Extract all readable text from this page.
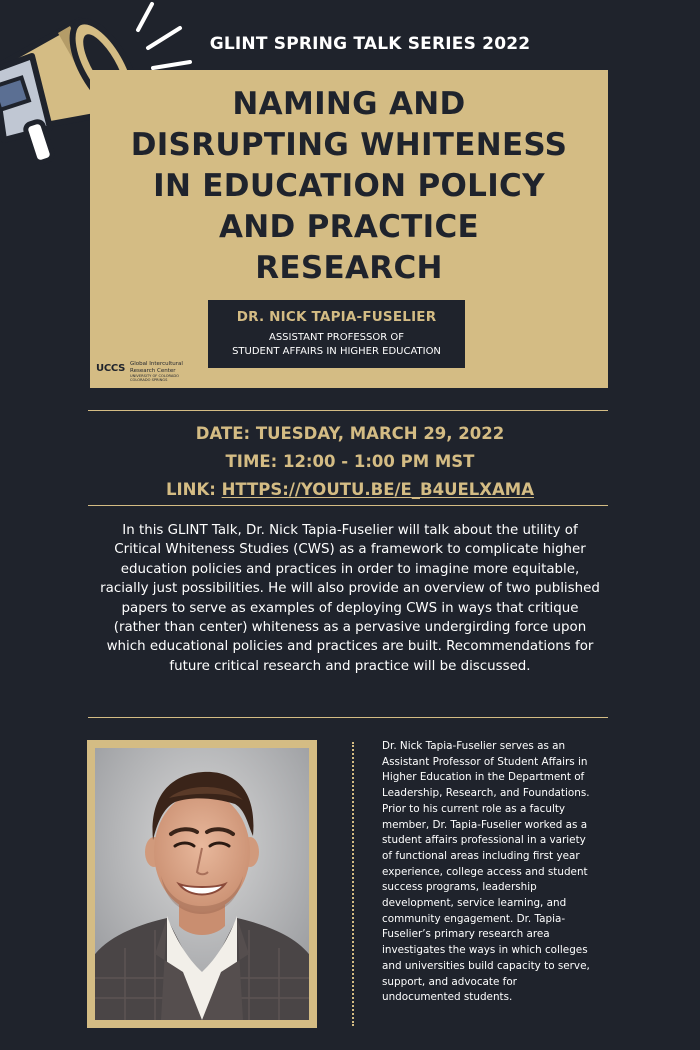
GLINT SPRING TALK SERIES 2022
NAMING AND
DISRUPTING WHITENESS
IN EDUCATION POLICY
AND PRACTICE
RESEARCH
DR. NICK TAPIA-FUSELIER
ASSISTANT PROFESSOR OF
STUDENT AFFAIRS IN HIGHER EDUCATION
UCCS Global Intercultural
Research Center
UNIVERSITY OF COLORADO
COLORADO SPRINGS
DATE: TUESDAY, MARCH 29, 2022
TIME: 12:00 - 1:00 PM MST
LINK: HTTPS://YOUTU.BE/E_B4UELXAMA
In this GLINT Talk, Dr. Nick Tapia-Fuselier will talk about the utility of
Critical Whiteness Studies (CWS) as a framework to complicate higher
education policies and practices in order to imagine more equitable,
racially just possibilities. He will also provide an overview of two published
papers to serve as examples of deploying CWS in ways that critique
(rather than center) whiteness as a pervasive undergirding force upon
which educational policies and practices are built. Recommendations for
future critical research and practice will be discussed.
Dr. Nick Tapia-Fuselier serves as an
Assistant Professor of Student Affairs in
Higher Education in the Department of
Leadership, Research, and Foundations.
Prior to his current role as a faculty
member, Dr. Tapia-Fuselier worked as a
student affairs professional in a variety
of functional areas including first year
experience, college access and student
success programs, leadership
development, service learning, and
community engagement. Dr. Tapia-
Fuselier’s primary research area
investigates the ways in which colleges
and universities build capacity to serve,
support, and advocate for
undocumented students.
